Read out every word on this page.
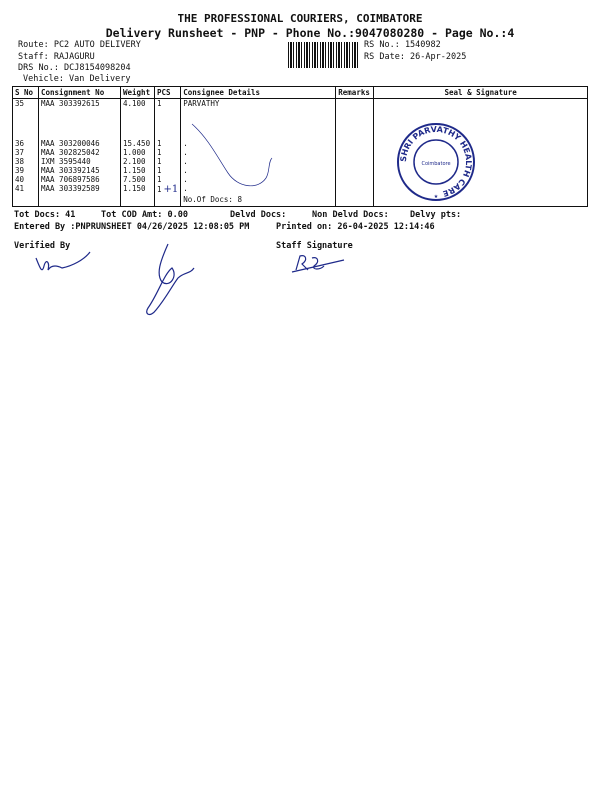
THE PROFESSIONAL COURIERS, COIMBATORE
Delivery Runsheet - PNP - Phone No.:9047080280 - Page No.:4
Route: PC2 AUTO DELIVERY
Staff: RAJAGURU
DRS No.: DCJ8154098204
Vehicle: Van Delivery
RS No.: 1540982
RS Date: 26-Apr-2025
S No	Consignment No	Weight	PCS	Consignee Details	Remarks	Seal & Signature
35	MAA 303392615	4.100	1	PARVATHY		
36	MAA 303200046	15.450	1	.		
37	MAA 302825042	1.000	1	.		
38	IXM 3595440	2.100	1	.		
39	MAA 303392145	1.150	1	.		
40	MAA 706897586	7.500	1	.		
41	MAA 303392589	1.150	1 +1	.		
				No.Of Docs: 8		
SHRI PARVATHY HEALTH CARE
Coimbatore
★
Tot Docs: 41	Tot COD Amt: 0.00	Delvd Docs:	Non Delvd Docs: Delvy pts:
Entered By :PNPRUNSHEET 04/26/2025 12:08:05 PM	Printed on: 26-04-2025 12:14:46
Verified By	Staff Signature
